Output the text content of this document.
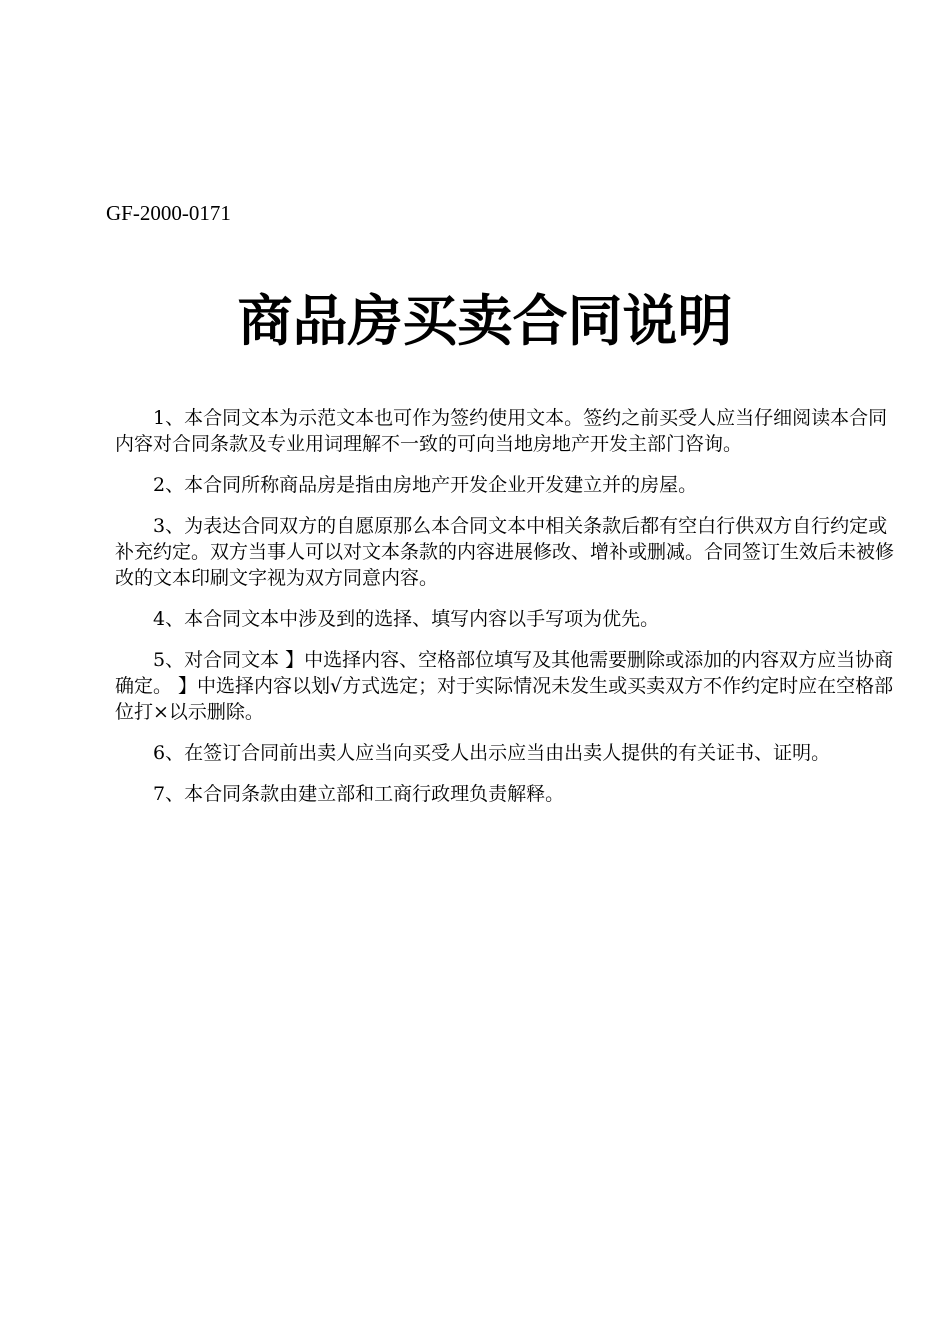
GF-2000-0171
商品房买卖合同说明

1、本合同文本为示范文本也可作为签约使用文本。签约之前买受人应当仔细阅读本合同内容对合同条款及专业用词理解不一致的可向当地房地产开发主部门咨询。

2、本合同所称商品房是指由房地产开发企业开发建立并的房屋。

3、为表达合同双方的自愿原那么本合同文本中相关条款后都有空白行供双方自行约定或补充约定。双方当事人可以对文本条款的内容进展修改、增补或删减。合同签订生效后未被修改的文本印刷文字视为双方同意内容。

4、本合同文本中涉及到的选择、填写内容以手写项为优先。

5、对合同文本 】中选择内容、空格部位填写及其他需要删除或添加的内容双方应当协商确定。 】中选择内容以划√方式选定；对于实际情况未发生或买卖双方不作约定时应在空格部位打×以示删除。

6、在签订合同前出卖人应当向买受人出示应当由出卖人提供的有关证书、证明。

7、本合同条款由建立部和工商行政理负责解释。
